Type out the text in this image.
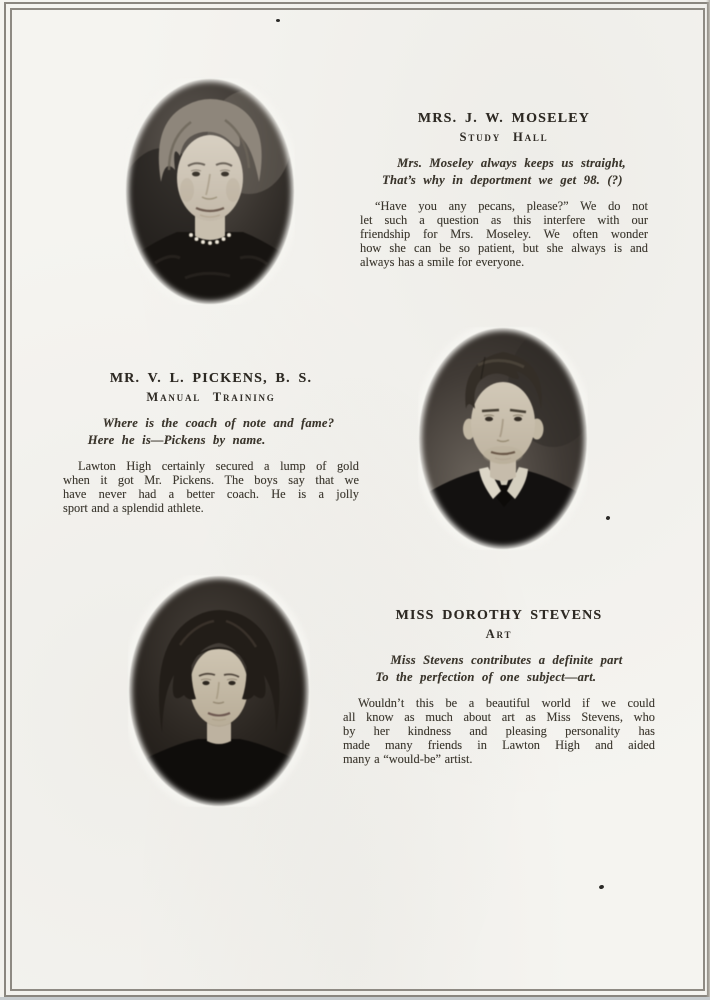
MRS. J. W. MOSELEY
Study Hall
Mrs. Moseley always keeps us straight,
That’s why in deportment we get 98. (?)
“Have you any pecans, please?” We do not
let such a question as this interfere with our
friendship for Mrs. Moseley. We often wonder
how she can be so patient, but she always is and
always has a smile for everyone.
MR. V. L. PICKENS, B. S.
Manual Training
Where is the coach of note and fame?
Here he is—Pickens by name.
Lawton High certainly secured a lump of gold
when it got Mr. Pickens. The boys say that we
have never had a better coach. He is a jolly
sport and a splendid athlete.
MISS DOROTHY STEVENS
Art
Miss Stevens contributes a definite part
To the perfection of one subject—art.
Wouldn’t this be a beautiful world if we could
all know as much about art as Miss Stevens, who
by her kindness and pleasing personality has
made many friends in Lawton High and aided
many a “would-be” artist.
